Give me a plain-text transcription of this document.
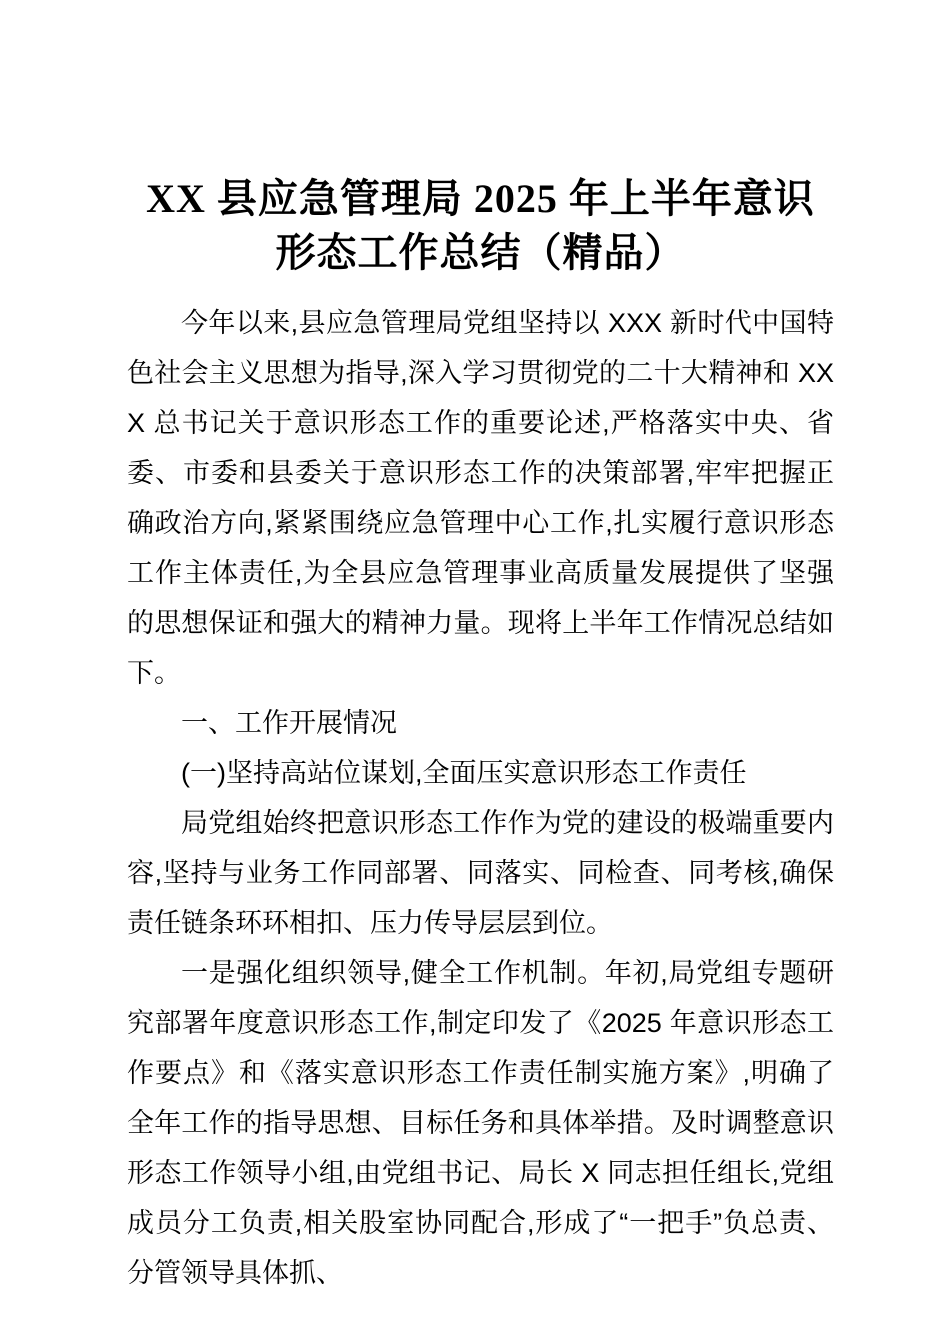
XX 县应急管理局 2025 年上半年意识形态工作总结（精品）

今年以来,县应急管理局党组坚持以 XXX 新时代中国特色社会主义思想为指导,深入学习贯彻党的二十大精神和 XXX 总书记关于意识形态工作的重要论述,严格落实中央、省委、市委和县委关于意识形态工作的决策部署,牢牢把握正确政治方向,紧紧围绕应急管理中心工作,扎实履行意识形态工作主体责任,为全县应急管理事业高质量发展提供了坚强的思想保证和强大的精神力量。现将上半年工作情况总结如下。

一、工作开展情况

(一)坚持高站位谋划,全面压实意识形态工作责任

局党组始终把意识形态工作作为党的建设的极端重要内容,坚持与业务工作同部署、同落实、同检查、同考核,确保责任链条环环相扣、压力传导层层到位。

一是强化组织领导,健全工作机制。年初,局党组专题研究部署年度意识形态工作,制定印发了《2025 年意识形态工作要点》和《落实意识形态工作责任制实施方案》,明确了全年工作的指导思想、目标任务和具体举措。及时调整意识形态工作领导小组,由党组书记、局长 X 同志担任组长,党组成员分工负责,相关股室协同配合,形成了“一把手”负总责、分管领导具体抓、
